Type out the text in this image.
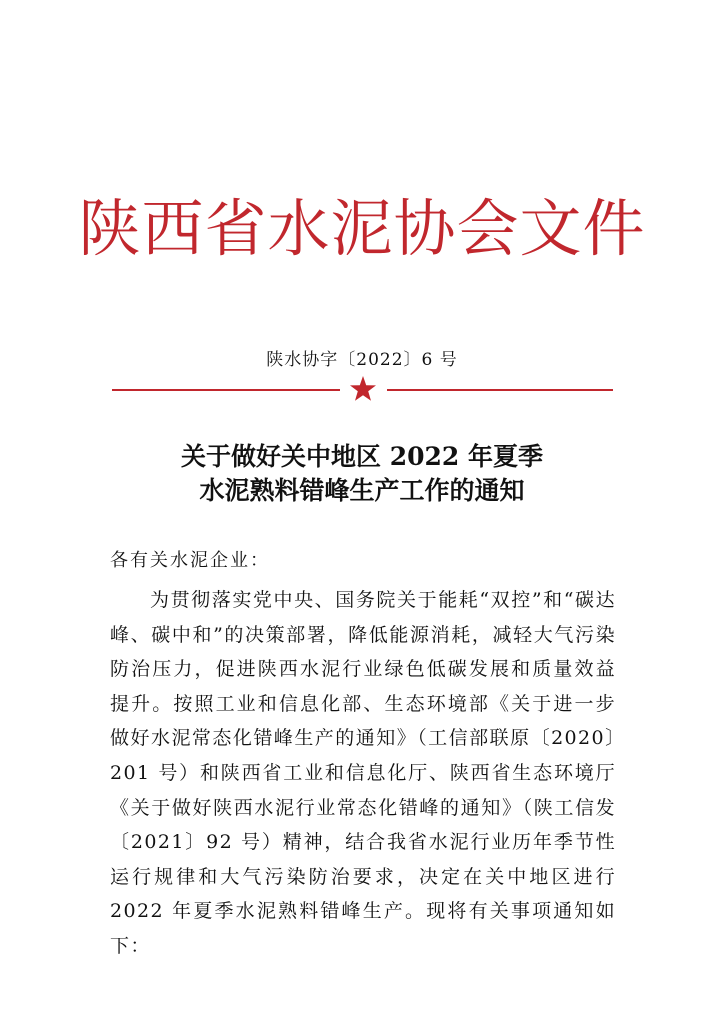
陕西省水泥协会文件
陕水协字〔2022〕6 号
关于做好关中地区 2022 年夏季
水泥熟料错峰生产工作的通知
各有关水泥企业：

为贯彻落实党中央、国务院关于能耗“双控”和“碳达峰、碳中和”的决策部署，降低能源消耗，减轻大气污染防治压力，促进陕西水泥行业绿色低碳发展和质量效益提升。按照工业和信息化部、生态环境部《关于进一步做好水泥常态化错峰生产的通知》（工信部联原〔2020〕201 号）和陕西省工业和信息化厅、陕西省生态环境厅《关于做好陕西水泥行业常态化错峰的通知》（陕工信发〔2021〕92 号）精神，结合我省水泥行业历年季节性运行规律和大气污染防治要求，决定在关中地区进行 2022 年夏季水泥熟料错峰生产。现将有关事项通知如下：
